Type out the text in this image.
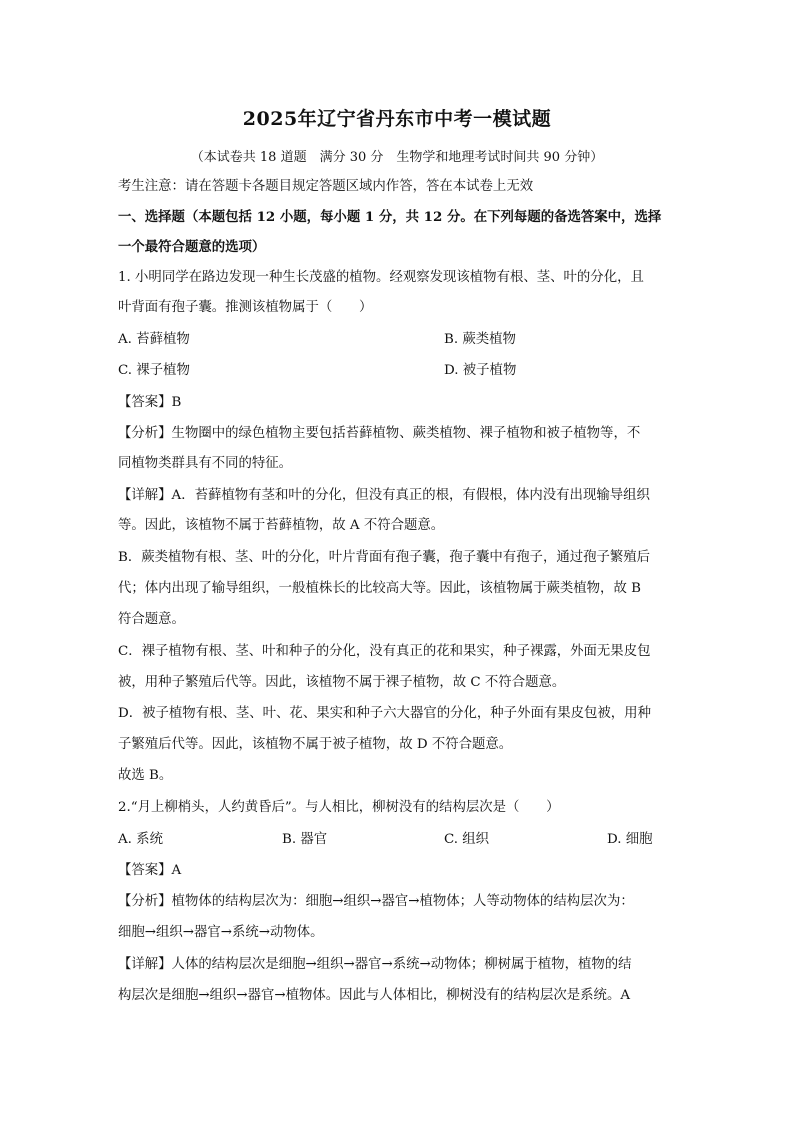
2025年辽宁省丹东市中考一模试题
（本试卷共 18 道题　满分 30 分　生物学和地理考试时间共 90 分钟）
考生注意：请在答题卡各题目规定答题区域内作答，答在本试卷上无效
一、选择题（本题包括 12 小题，每小题 1 分，共 12 分。在下列每题的备选答案中，选择
一个最符合题意的选项）
1. 小明同学在路边发现一种生长茂盛的植物。经观察发现该植物有根、茎、叶的分化，且
叶背面有孢子囊。推测该植物属于（　　）
A. 苔藓植物	B. 蕨类植物
C. 裸子植物	D. 被子植物
【答案】B
【分析】生物圈中的绿色植物主要包括苔藓植物、蕨类植物、裸子植物和被子植物等，不
同植物类群具有不同的特征。
【详解】A．苔藓植物有茎和叶的分化，但没有真正的根，有假根，体内没有出现输导组织
等。因此，该植物不属于苔藓植物，故 A 不符合题意。
B．蕨类植物有根、茎、叶的分化，叶片背面有孢子囊，孢子囊中有孢子，通过孢子繁殖后
代；体内出现了输导组织，一般植株长的比较高大等。因此，该植物属于蕨类植物，故 B
符合题意。
C．裸子植物有根、茎、叶和种子的分化，没有真正的花和果实，种子裸露，外面无果皮包
被，用种子繁殖后代等。因此，该植物不属于裸子植物，故 C 不符合题意。
D．被子植物有根、茎、叶、花、果实和种子六大器官的分化，种子外面有果皮包被，用种
子繁殖后代等。因此，该植物不属于被子植物，故 D 不符合题意。
故选 B。
2.“月上柳梢头，人约黄昏后”。与人相比，柳树没有的结构层次是（　　）
A. 系统	B. 器官	C. 组织	D. 细胞
【答案】A
【分析】植物体的结构层次为：细胞→组织→器官→植物体；人等动物体的结构层次为：
细胞→组织→器官→系统→动物体。
【详解】人体的结构层次是细胞→组织→器官→系统→动物体；柳树属于植物，植物的结
构层次是细胞→组织→器官→植物体。因此与人体相比，柳树没有的结构层次是系统。A
